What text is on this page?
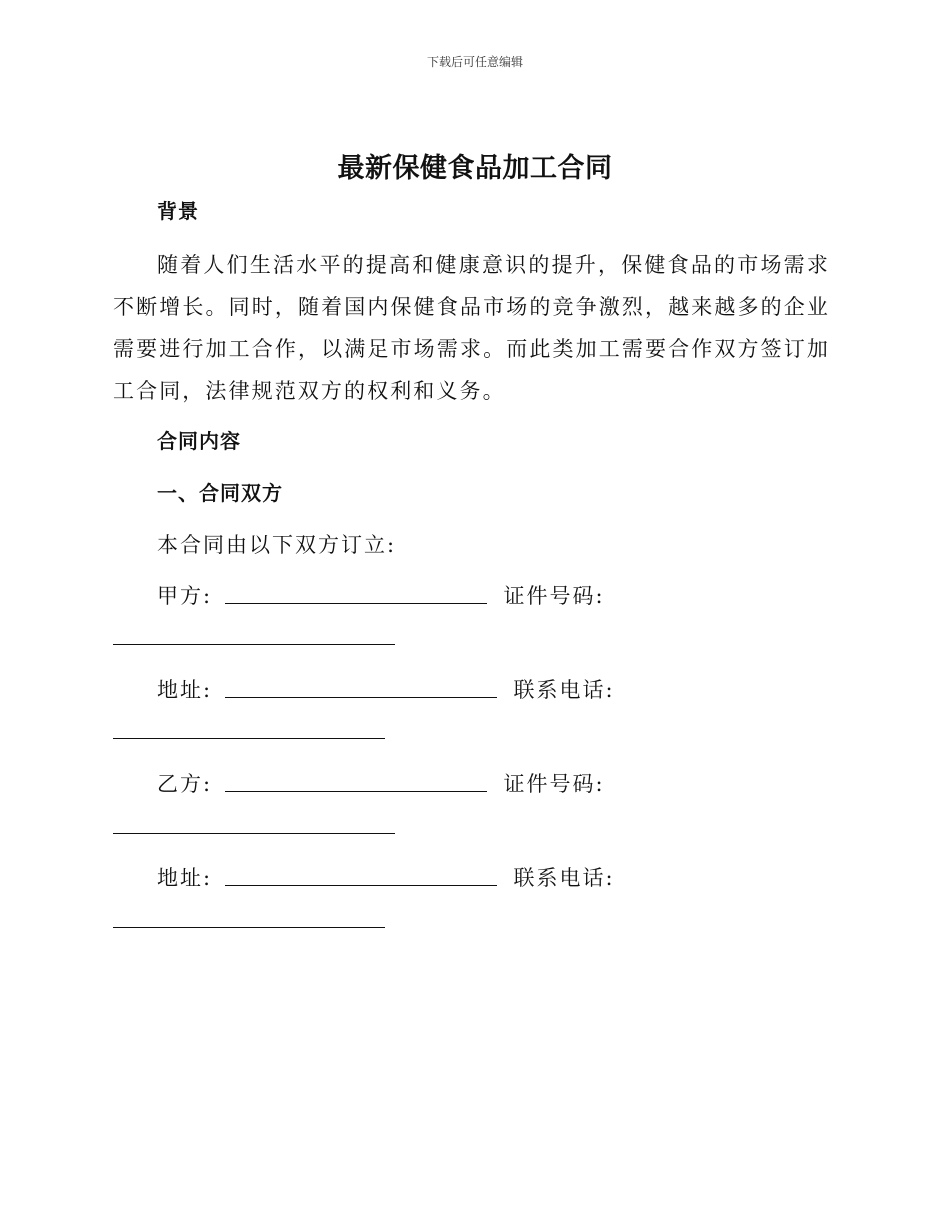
下载后可任意编辑
最新保健食品加工合同
背景
随着人们生活水平的提高和健康意识的提升，保健食品的市场需求不断增长。同时，随着国内保健食品市场的竞争激烈，越来越多的企业需要进行加工合作，以满足市场需求。而此类加工需要合作双方签订加工合同，法律规范双方的权利和义务。
合同内容
一、合同双方
本合同由以下双方订立:
甲方:	证件号码:
地址:	联系电话:
乙方:	证件号码:
地址:	联系电话:
